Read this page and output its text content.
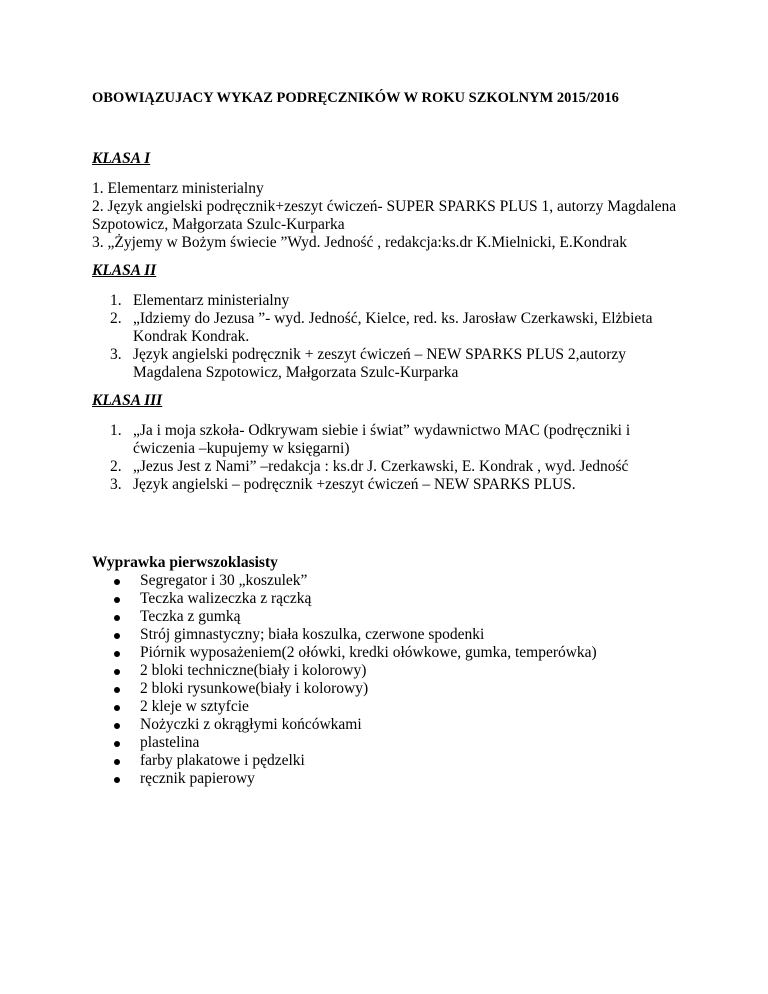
OBOWIĄZUJACY WYKAZ PODRĘCZNIKÓW W ROKU SZKOLNYM 2015/2016
KLASA I
1. Elementarz ministerialny
2. Język angielski podręcznik+zeszyt ćwiczeń- SUPER SPARKS PLUS 1, autorzy Magdalena
Szpotowicz, Małgorzata Szulc-Kurparka
3. „Żyjemy w Bożym świecie ”Wyd. Jedność , redakcja:ks.dr K.Mielnicki, E.Kondrak
KLASA II
1. Elementarz ministerialny
2. „Idziemy do Jezusa ”- wyd. Jedność, Kielce, red. ks. Jarosław Czerkawski, Elżbieta
Kondrak Kondrak.
3. Język angielski podręcznik + zeszyt ćwiczeń – NEW SPARKS PLUS 2,autorzy
Magdalena Szpotowicz, Małgorzata Szulc-Kurparka
KLASA III
1. „Ja i moja szkoła- Odkrywam siebie i świat” wydawnictwo MAC (podręczniki i
ćwiczenia –kupujemy w księgarni)
2. „Jezus Jest z Nami” –redakcja : ks.dr J. Czerkawski, E. Kondrak , wyd. Jedność
3. Język angielski – podręcznik +zeszyt ćwiczeń – NEW SPARKS PLUS.
Wyprawka pierwszoklasisty
Segregator i 30 „koszulek”
Teczka walizeczka z rączką
Teczka z gumką
Strój gimnastyczny; biała koszulka, czerwone spodenki
Piórnik wyposażeniem(2 ołówki, kredki ołówkowe, gumka, temperówka)
2 bloki techniczne(biały i kolorowy)
2 bloki rysunkowe(biały i kolorowy)
2 kleje w sztyfcie
Nożyczki z okrągłymi końcówkami
plastelina
farby plakatowe i pędzelki
ręcznik papierowy
